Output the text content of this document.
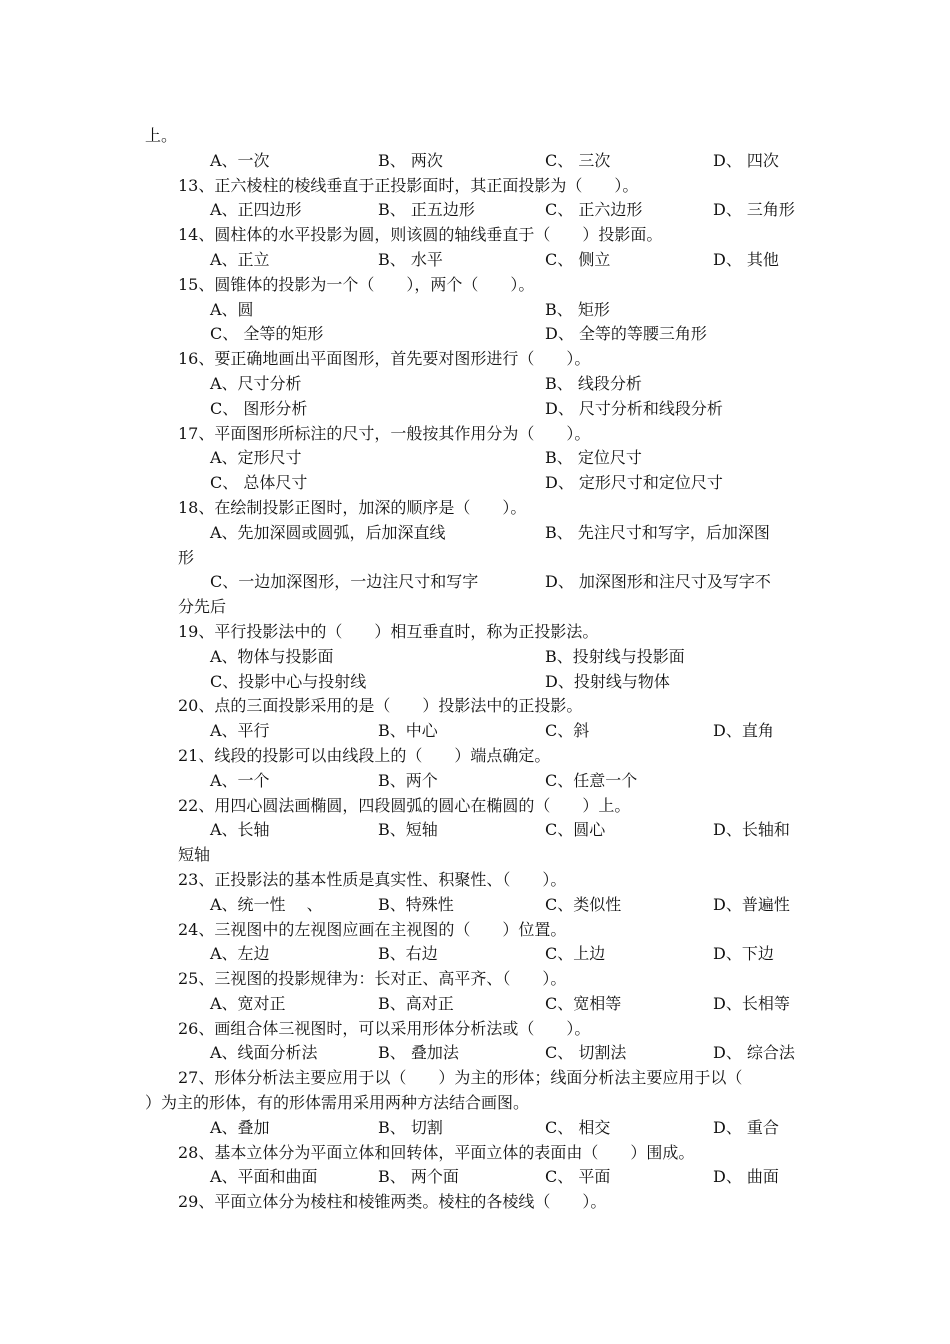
上。
A、一次	B、 两次	C、 三次	D、 四次
13、正六棱柱的棱线垂直于正投影面时，其正面投影为（　　）。
A、正四边形	B、 正五边形	C、 正六边形	D、 三角形
14、圆柱体的水平投影为圆，则该圆的轴线垂直于（　　）投影面。
A、正立	B、 水平	C、 侧立	D、 其他
15、圆锥体的投影为一个（　　），两个（　　）。
A、圆	B、 矩形
C、 全等的矩形	D、 全等的等腰三角形
16、要正确地画出平面图形，首先要对图形进行（　　）。
A、尺寸分析	B、 线段分析
C、 图形分析	D、 尺寸分析和线段分析
17、平面图形所标注的尺寸，一般按其作用分为（　　）。
A、定形尺寸	B、 定位尺寸
C、 总体尺寸	D、 定形尺寸和定位尺寸
18、在绘制投影正图时，加深的顺序是（　　）。
A、先加深圆或圆弧，后加深直线	B、 先注尺寸和写字，后加深图
形
C、一边加深图形，一边注尺寸和写字	D、 加深图形和注尺寸及写字不
分先后
19、平行投影法中的（　　）相互垂直时，称为正投影法。
A、物体与投影面	B、投射线与投影面
C、投影中心与投射线	D、投射线与物体
20、点的三面投影采用的是（　　）投影法中的正投影。
A、平行	B、中心	C、斜	D、直角
21、线段的投影可以由线段上的（　　）端点确定。
A、一个	B、两个	C、任意一个
22、用四心圆法画椭圆，四段圆弧的圆心在椭圆的（　　）上。
A、长轴	B、短轴	C、圆心	D、长轴和
短轴
23、正投影法的基本性质是真实性、积聚性、（　　）。
A、统一性　 、	B、特殊性	C、类似性	D、普遍性
24、三视图中的左视图应画在主视图的（　　）位置。
A、左边	B、右边	C、上边	D、下边
25、三视图的投影规律为：长对正、高平齐、（　　）。
A、宽对正	B、高对正	C、宽相等	D、长相等
26、画组合体三视图时，可以采用形体分析法或（　　）。
A、线面分析法	B、 叠加法	C、 切割法	D、 综合法
27、形体分析法主要应用于以（　　）为主的形体；线面分析法主要应用于以（
）为主的形体，有的形体需用采用两种方法结合画图。
A、叠加	B、 切割	C、 相交	D、 重合
28、基本立体分为平面立体和回转体，平面立体的表面由（　　）围成。
A、平面和曲面	B、 两个面	C、 平面	D、 曲面
29、平面立体分为棱柱和棱锥两类。棱柱的各棱线（　　）。
